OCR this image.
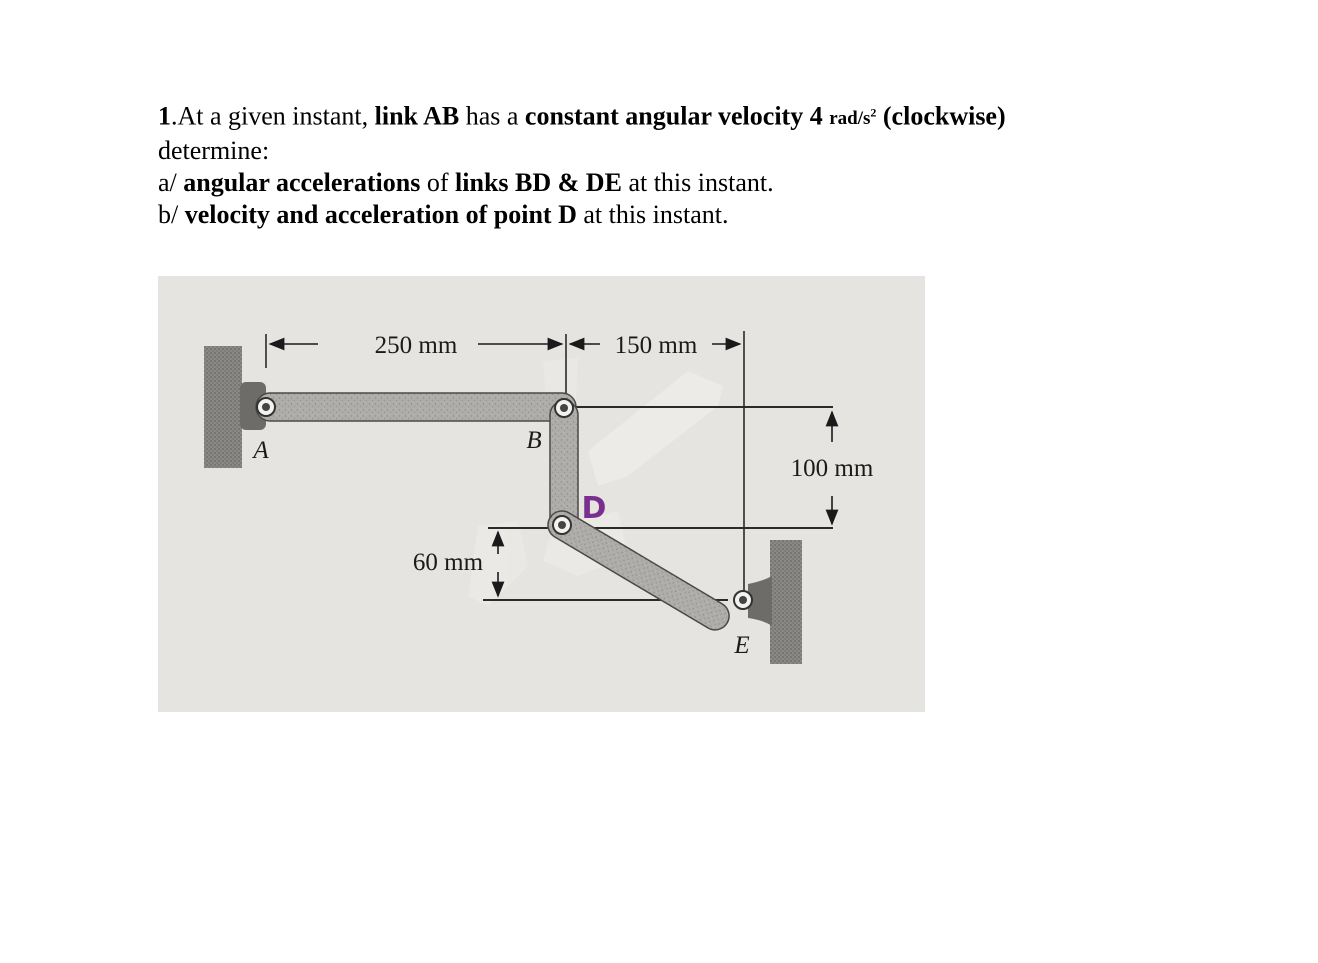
1.At a given instant, link AB has a constant angular velocity 4 rad/$s^2$ (clockwise)

determine:

a/ angular accelerations of links BD & DE at this instant.

b/ velocity and acceleration of point D at this instant.

250 mm	150 mm
100 mm
60 mm
A	B
D
E
